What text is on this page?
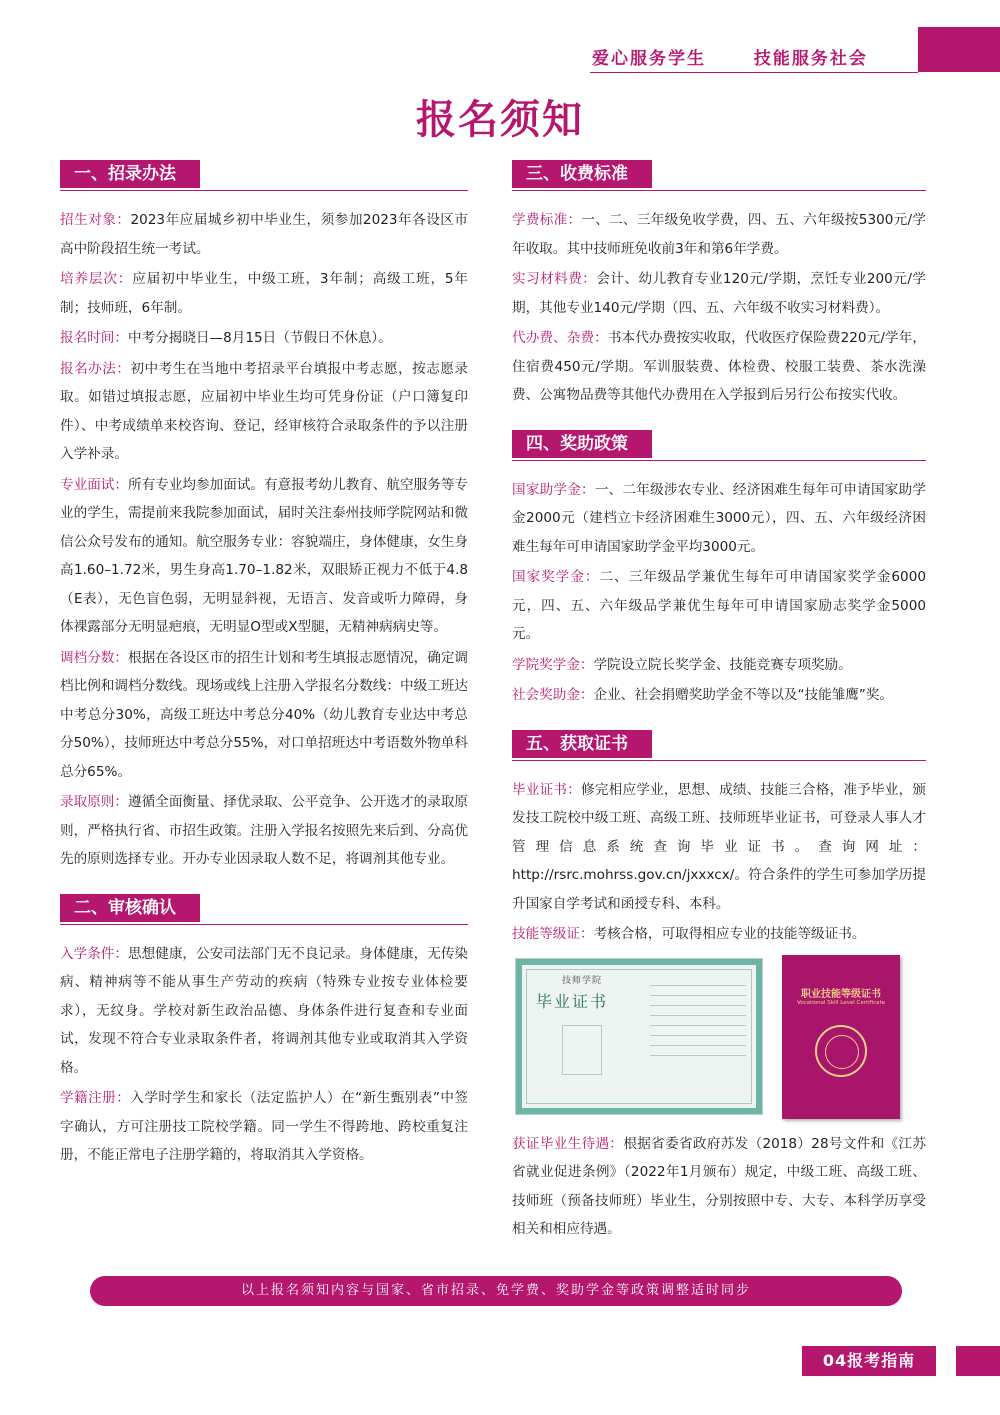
爱心服务学生	技能服务社会
报名须知
一、招录办法

招生对象：2023年应届城乡初中毕业生，须参加2023年各设区市高中阶段招生统一考试。

培养层次：应届初中毕业生，中级工班，3年制；高级工班，5年制；技师班，6年制。

报名时间：中考分揭晓日—8月15日（节假日不休息）。

报名办法：初中考生在当地中考招录平台填报中考志愿，按志愿录取。如错过填报志愿，应届初中毕业生均可凭身份证（户口簿复印件）、中考成绩单来校咨询、登记，经审核符合录取条件的予以注册入学补录。

专业面试：所有专业均参加面试。有意报考幼儿教育、航空服务等专业的学生，需提前来我院参加面试，届时关注泰州技师学院网站和微信公众号发布的通知。航空服务专业：容貌端庄，身体健康，女生身高1.60–1.72米，男生身高1.70–1.82米，双眼矫正视力不低于4.8（E表），无色盲色弱，无明显斜视，无语言、发音或听力障碍，身体裸露部分无明显疤痕，无明显O型或X型腿，无精神病病史等。

调档分数：根据在各设区市的招生计划和考生填报志愿情况，确定调档比例和调档分数线。现场或线上注册入学报名分数线：中级工班达中考总分30%，高级工班达中考总分40%（幼儿教育专业达中考总分50%），技师班达中考总分55%，对口单招班达中考语数外物单科总分65%。

录取原则：遵循全面衡量、择优录取、公平竞争、公开选才的录取原则，严格执行省、市招生政策。注册入学报名按照先来后到、分高优先的原则选择专业。开办专业因录取人数不足，将调剂其他专业。

二、审核确认

入学条件：思想健康，公安司法部门无不良记录。身体健康，无传染病、精神病等不能从事生产劳动的疾病（特殊专业按专业体检要求），无纹身。学校对新生政治品德、身体条件进行复查和专业面试，发现不符合专业录取条件者，将调剂其他专业或取消其入学资格。

学籍注册：入学时学生和家长（法定监护人）在“新生甄别表”中签字确认，方可注册技工院校学籍。同一学生不得跨地、跨校重复注册，不能正常电子注册学籍的，将取消其入学资格。

三、收费标准

学费标准：一、二、三年级免收学费，四、五、六年级按5300元/学年收取。其中技师班免收前3年和第6年学费。

实习材料费：会计、幼儿教育专业120元/学期，烹饪专业200元/学期，其他专业140元/学期（四、五、六年级不收实习材料费）。

代办费、杂费：书本代办费按实收取，代收医疗保险费220元/学年，住宿费450元/学期。军训服装费、体检费、校服工装费、茶水洗澡费、公寓物品费等其他代办费用在入学报到后另行公布按实代收。

四、奖助政策

国家助学金：一、二年级涉农专业、经济困难生每年可申请国家助学金2000元（建档立卡经济困难生3000元），四、五、六年级经济困难生每年可申请国家助学金平均3000元。

国家奖学金：二、三年级品学兼优生每年可申请国家奖学金6000元，四、五、六年级品学兼优生每年可申请国家励志奖学金5000元。

学院奖学金：学院设立院长奖学金、技能竞赛专项奖励。

社会奖助金：企业、社会捐赠奖助学金不等以及“技能雏鹰”奖。

五、获取证书

毕业证书：修完相应学业，思想、成绩、技能三合格，准予毕业，颁发技工院校中级工班、高级工班、技师班毕业证书，可登录人事人才管理信息系统查询毕业证书。查询网址：http://rsrc.mohrss.gov.cn/jxxxcx/。符合条件的学生可参加学历提升国家自学考试和函授专科、本科。

技能等级证：考核合格，可取得相应专业的技能等级证书。

技师学院
毕业证书	职业技能等级证书
Vocational Skill Level Certificate

获证毕业生待遇：根据省委省政府苏发（2018）28号文件和《江苏省就业促进条例》（2022年1月颁布）规定，中级工班、高级工班、技师班（预备技师班）毕业生，分别按照中专、大专、本科学历享受相关和相应待遇。

以上报名须知内容与国家、省市招录、免学费、奖助学金等政策调整适时同步
04报考指南
